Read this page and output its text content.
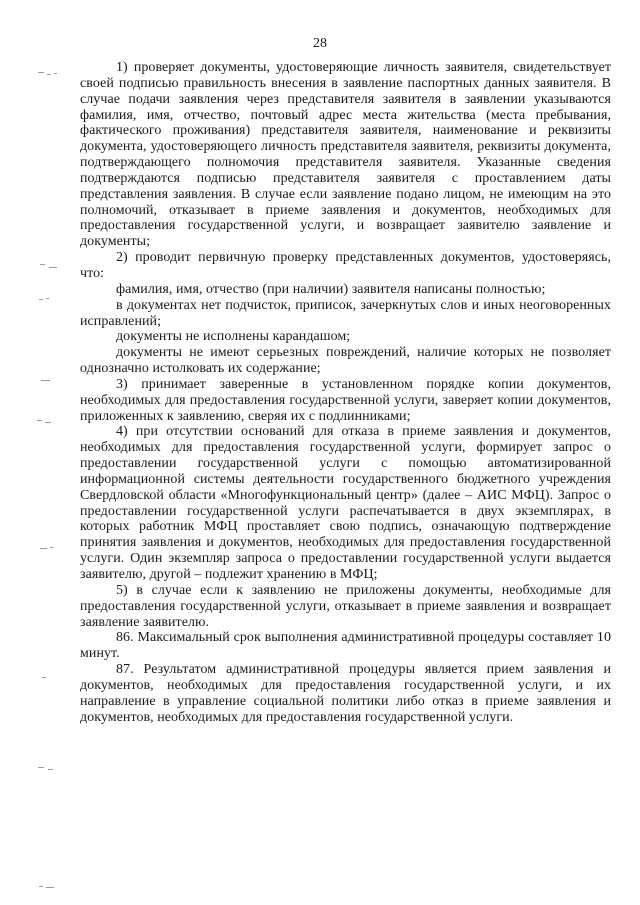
28

1) проверяет документы, удостоверяющие личность заявителя, свидетельствует своей подписью правильность внесения в заявление паспортных данных заявителя. В случае подачи заявления через представителя заявителя в заявлении указываются фамилия, имя, отчество, почтовый адрес места жительства (места пребывания, фактического проживания) представителя заявителя, наименование и реквизиты документа, удостоверяющего личность представителя заявителя, реквизиты документа, подтверждающего полномочия представителя заявителя. Указанные сведения подтверждаются подписью представителя заявителя с проставлением даты представления заявления. В случае если заявление подано лицом, не имеющим на это полномочий, отказывает в приеме заявления и документов, необходимых для предоставления государственной услуги, и возвращает заявителю заявление и документы;

2) проводит первичную проверку представленных документов, удостоверяясь, что:

фамилия, имя, отчество (при наличии) заявителя написаны полностью;

в документах нет подчисток, приписок, зачеркнутых слов и иных неоговоренных исправлений;

документы не исполнены карандашом;

документы не имеют серьезных повреждений, наличие которых не позволяет однозначно истолковать их содержание;

3) принимает заверенные в установленном порядке копии документов, необходимых для предоставления государственной услуги, заверяет копии документов, приложенных к заявлению, сверяя их с подлинниками;

4) при отсутствии оснований для отказа в приеме заявления и документов, необходимых для предоставления государственной услуги, формирует запрос о предоставлении государственной услуги с помощью автоматизированной информационной системы деятельности государственного бюджетного учреждения Свердловской области «Многофункциональный центр» (далее – АИС МФЦ). Запрос о предоставлении государственной услуги распечатывается в двух экземплярах, в которых работник МФЦ проставляет свою подпись, означающую подтверждение принятия заявления и документов, необходимых для предоставления государственной услуги. Один экземпляр запроса о предоставлении государственной услуги выдается заявителю, другой – подлежит хранению в МФЦ;

5) в случае если к заявлению не приложены документы, необходимые для предоставления государственной услуги, отказывает в приеме заявления и возвращает заявление заявителю.

86. Максимальный срок выполнения административной процедуры составляет 10 минут.

87. Результатом административной процедуры является прием заявления и документов, необходимых для предоставления государственной услуги, и их направление в управление социальной политики либо отказ в приеме заявления и документов, необходимых для предоставления государственной услуги.
